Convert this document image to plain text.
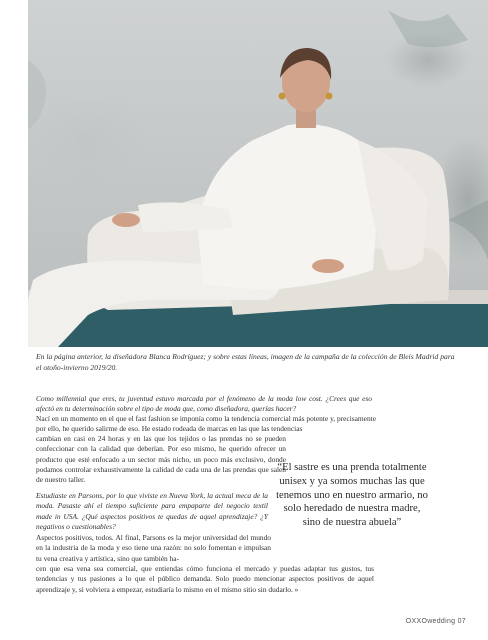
En la página anterior, la diseñadora Blanca Rodríguez; y sobre estas líneas, imagen de la campaña de la colección de Bleis Madrid para el otoño-invierno 2019/20.
Como millennial que eres, tu juventud estuvo marcada por el fenómeno de la moda low cost. ¿Crees que eso afectó en tu determinación sobre el tipo de moda que, como diseñadora, querías hacer?
Nací en un momento en el que el fast fashion se imponía como la tendencia comercial más potente y, precisamente por ello, he querido salirme de eso. He estado rodeada de marcas en las que las tendencias
cambian en casi en 24 horas y en las que los tejidos o las prendas no se pueden confeccionar con la calidad que deberían. Por eso mismo, he querido ofrecer un producto que esté enfocado a un sector más nicho, un poco más exclusivo, donde podamos controlar exhaustivamente la calidad de cada una de las prendas que salen de nuestro taller.
Estudiaste en Parsons, por lo que viviste en Nueva York, la actual meca de la moda. Pasaste ahí el tiempo suficiente para empaparte del negocio textil made in USA. ¿Qué aspectos positivos te quedas de aquel aprendizaje? ¿Y negativos o cuestionables?
Aspectos positivos, todos. Al final, Parsons es la mejor universidad del mundo en la industria de la moda y eso tiene una razón: no solo fomentan e impulsan tu vena creativa y artística, sino que también ha-
cen que esa vena sea comercial, que entiendas cómo funciona el mercado y puedas adaptar tus gustos, tus tendencias y tus pasiones a lo que el público demanda. Solo puedo mencionar aspectos positivos de aquel aprendizaje y, si volviera a empezar, estudiaría lo mismo en el mismo sitio sin dudarlo. »
“El sastre es una prenda totalmente unisex y ya somos muchas las que tenemos uno en nuestro armario, no solo heredado de nuestra madre, sino de nuestra abuela”
OXXOwedding 07
